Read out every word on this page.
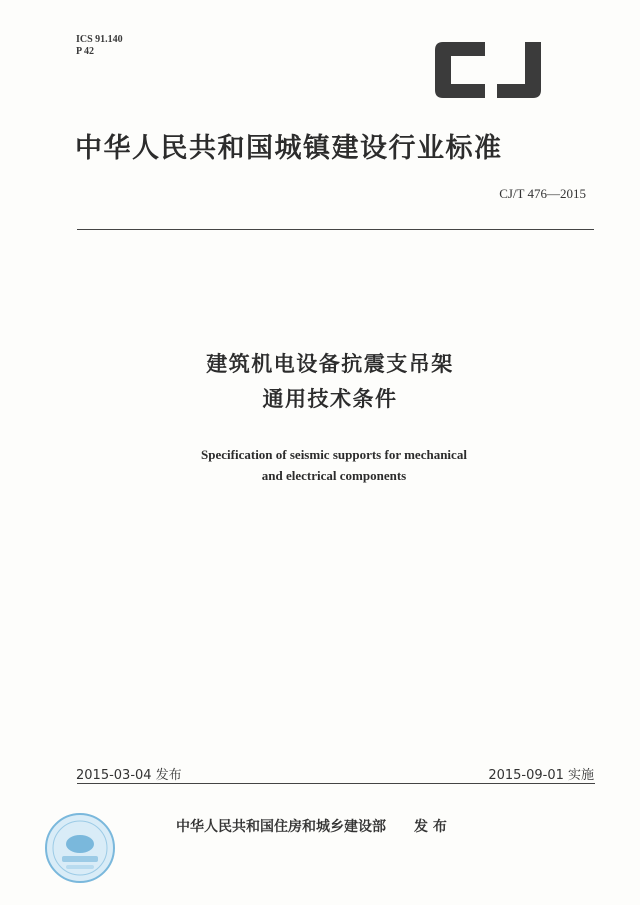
ICS 91.140
P 42
中华人民共和国城镇建设行业标准
CJ/T 476—2015
建筑机电设备抗震支吊架
通用技术条件
Specification of seismic supports for mechanical
and electrical components
2015-03-04 发布	2015-09-01 实施
中华人民共和国住房和城乡建设部 发 布
